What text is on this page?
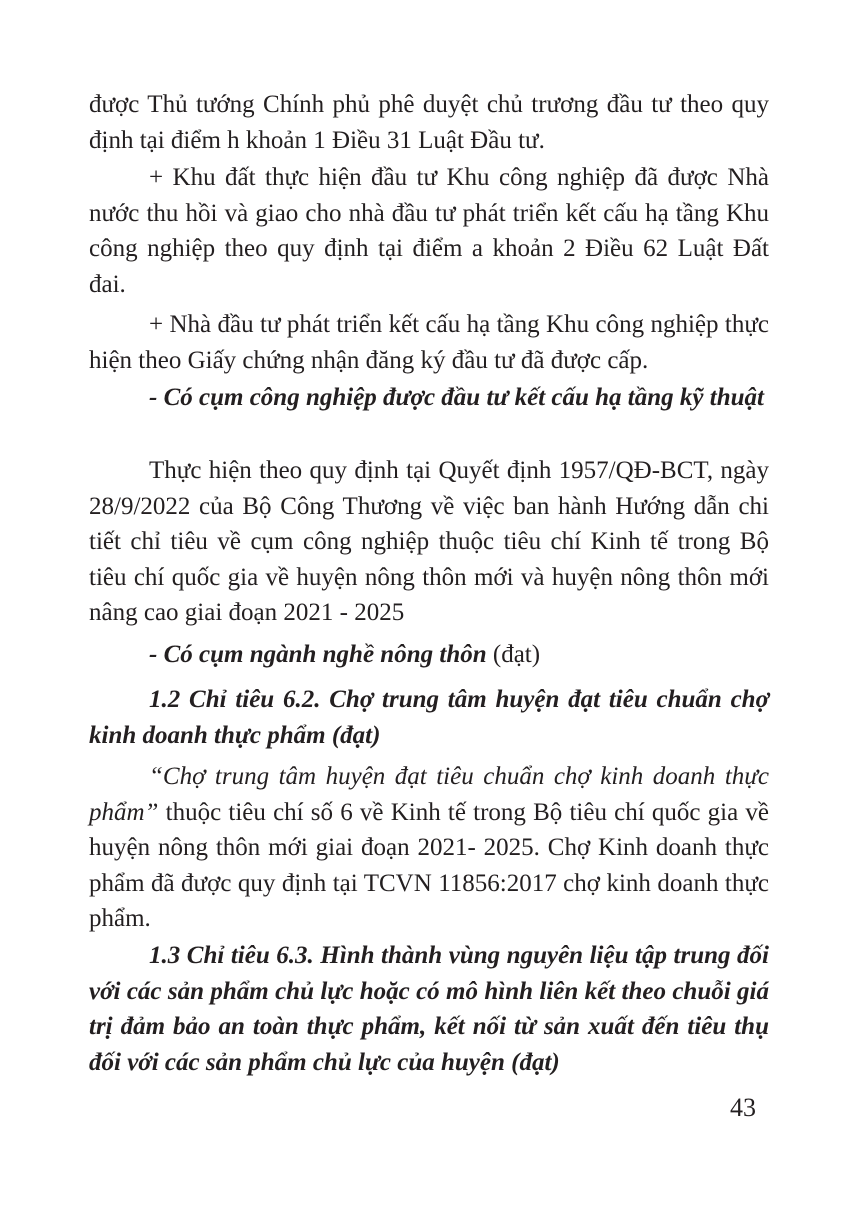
được Thủ tướng Chính phủ phê duyệt chủ trương đầu tư theo quy định tại điểm h khoản 1 Điều 31 Luật Đầu tư.

+ Khu đất thực hiện đầu tư Khu công nghiệp đã được Nhà nước thu hồi và giao cho nhà đầu tư phát triển kết cấu hạ tầng Khu công nghiệp theo quy định tại điểm a khoản 2 Điều 62 Luật Đất đai.

+ Nhà đầu tư phát triển kết cấu hạ tầng Khu công nghiệp thực hiện theo Giấy chứng nhận đăng ký đầu tư đã được cấp.

- Có cụm công nghiệp được đầu tư kết cấu hạ tầng kỹ thuật

Thực hiện theo quy định tại Quyết định 1957/QĐ-BCT, ngày 28/9/2022 của Bộ Công Thương về việc ban hành Hướng dẫn chi tiết chỉ tiêu về cụm công nghiệp thuộc tiêu chí Kinh tế trong Bộ tiêu chí quốc gia về huyện nông thôn mới và huyện nông thôn mới nâng cao giai đoạn 2021 - 2025

- Có cụm ngành nghề nông thôn (đạt)

1.2 Chỉ tiêu 6.2. Chợ trung tâm huyện đạt tiêu chuẩn chợ kinh doanh thực phẩm (đạt)

“Chợ trung tâm huyện đạt tiêu chuẩn chợ kinh doanh thực phẩm” thuộc tiêu chí số 6 về Kinh tế trong Bộ tiêu chí quốc gia về huyện nông thôn mới giai đoạn 2021- 2025. Chợ Kinh doanh thực phẩm đã được quy định tại TCVN 11856:2017 chợ kinh doanh thực phẩm.

1.3 Chỉ tiêu 6.3. Hình thành vùng nguyên liệu tập trung đối với các sản phẩm chủ lực hoặc có mô hình liên kết theo chuỗi giá trị đảm bảo an toàn thực phẩm, kết nối từ sản xuất đến tiêu thụ đối với các sản phẩm chủ lực của huyện (đạt)

43
